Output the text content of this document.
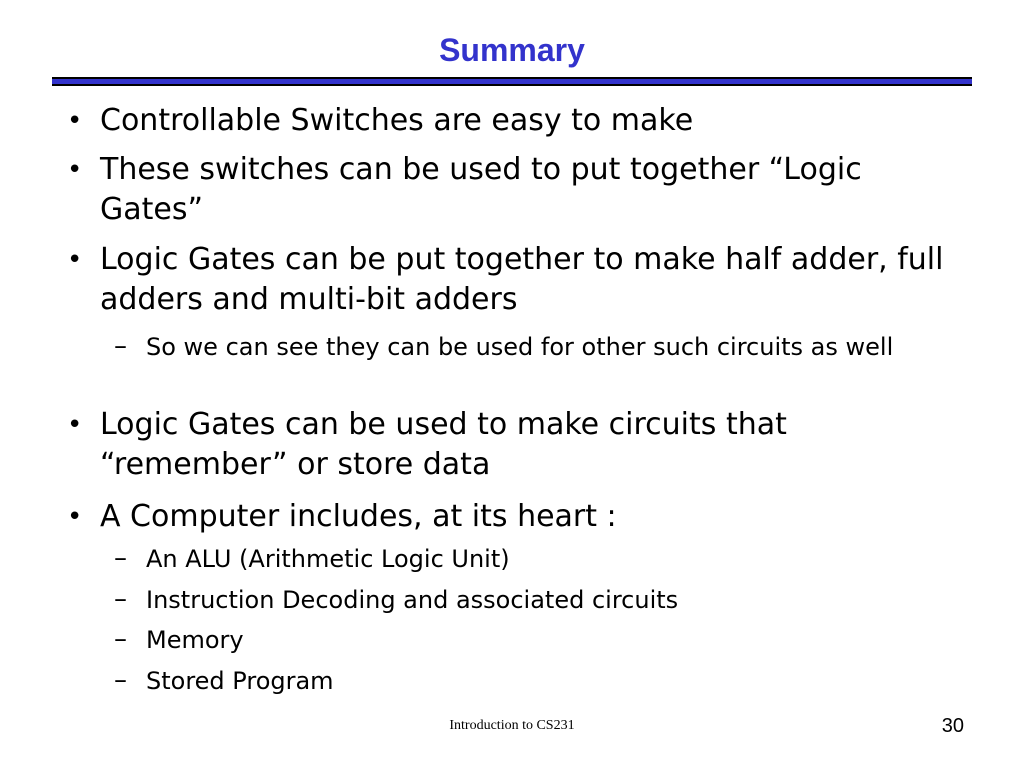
Summary
• Controllable Switches are easy to make
• These switches can be used to put together “Logic Gates”
• Logic Gates can be put together to make half adder, full adders and multi-bit adders
– So we can see they can be used for other such circuits as well
• Logic Gates can be used to make circuits that “remember” or store data
• A Computer includes, at its heart :
– An ALU (Arithmetic Logic Unit)
– Instruction Decoding and associated circuits
– Memory
– Stored Program
Introduction to CS231	30
